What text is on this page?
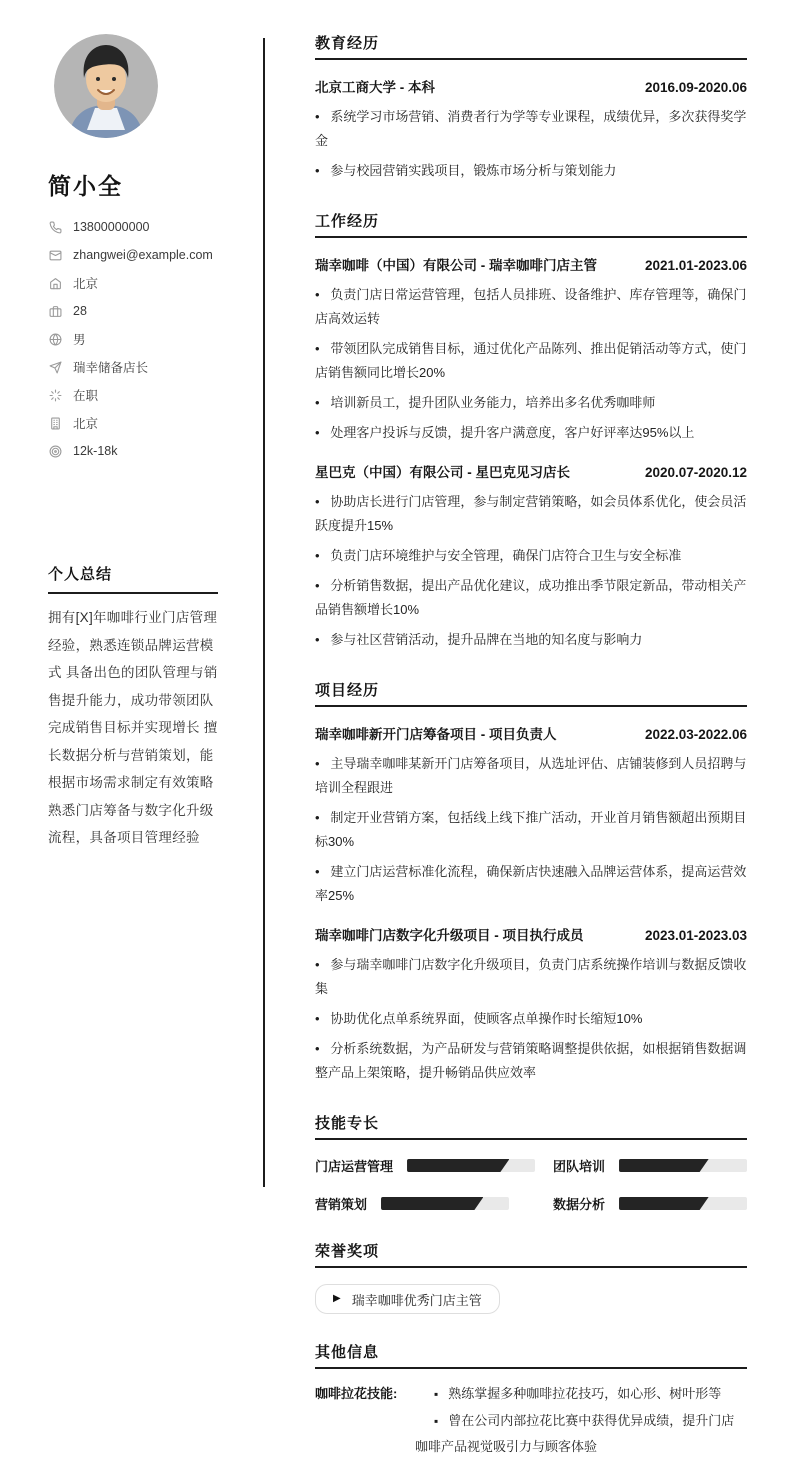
简小全
13800000000
zhangwei@example.com
北京
28
男
瑞幸储备店长
在职
北京
12k-18k
个人总结

拥有[X]年咖啡行业门店管理经验，熟悉连锁品牌运营模式 具备出色的团队管理与销售提升能力，成功带领团队完成销售目标并实现增长 擅长数据分析与营销策划，能根据市场需求制定有效策略 熟悉门店筹备与数字化升级流程，具备项目管理经验

教育经历
北京工商大学 - 本科	2016.09-2020.06

•   系统学习市场营销、消费者行为学等专业课程，成绩优异，多次获得奖学金

•   参与校园营销实践项目，锻炼市场分析与策划能力

工作经历
瑞幸咖啡（中国）有限公司 - 瑞幸咖啡门店主管	2021.01-2023.06

•   负责门店日常运营管理，包括人员排班、设备维护、库存管理等，确保门店高效运转

•   带领团队完成销售目标，通过优化产品陈列、推出促销活动等方式，使门店销售额同比增长20%

•   培训新员工，提升团队业务能力，培养出多名优秀咖啡师

•   处理客户投诉与反馈，提升客户满意度，客户好评率达95%以上

星巴克（中国）有限公司 - 星巴克见习店长	2020.07-2020.12

•   协助店长进行门店管理，参与制定营销策略，如会员体系优化，使会员活跃度提升15%

•   负责门店环境维护与安全管理，确保门店符合卫生与安全标准

•   分析销售数据，提出产品优化建议，成功推出季节限定新品，带动相关产品销售额增长10%

•   参与社区营销活动，提升品牌在当地的知名度与影响力

项目经历
瑞幸咖啡新开门店筹备项目 - 项目负责人	2022.03-2022.06

•   主导瑞幸咖啡某新开门店筹备项目，从选址评估、店铺装修到人员招聘与培训全程跟进

•   制定开业营销方案，包括线上线下推广活动，开业首月销售额超出预期目标30%

•   建立门店运营标准化流程，确保新店快速融入品牌运营体系，提高运营效率25%

瑞幸咖啡门店数字化升级项目 - 项目执行成员	2023.01-2023.03

•   参与瑞幸咖啡门店数字化升级项目，负责门店系统操作培训与数据反馈收集

•   协助优化点单系统界面，使顾客点单操作时长缩短10%

•   分析系统数据，为产品研发与营销策略调整提供依据，如根据销售数据调整产品上架策略，提升畅销品供应效率

技能专长
门店运营管理	团队培训
营销策划	数据分析
荣誉奖项
▶ 瑞幸咖啡优秀门店主管
其他信息
咖啡拉花技能:	▪   熟练掌握多种咖啡拉花技巧，如心形、树叶形等

▪   曾在公司内部拉花比赛中获得优异成绩，提升门店咖啡产品视觉吸引力与顾客体验
